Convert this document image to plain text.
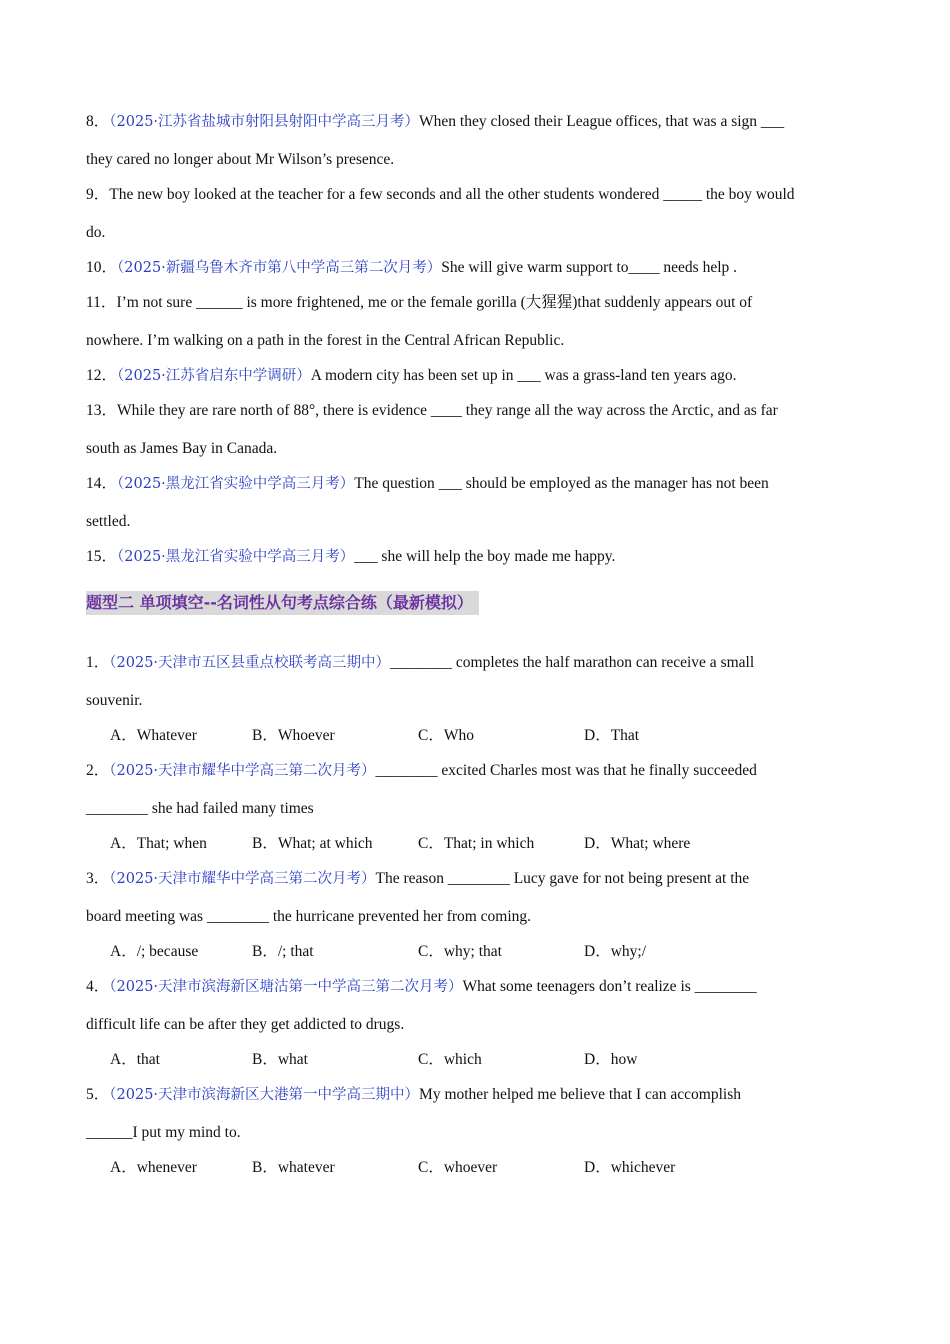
8．（2025·江苏省盐城市射阳县射阳中学高三月考）When they closed their League offices, that was a sign ___
they cared no longer about Mr Wilson’s presence.
9．The new boy looked at the teacher for a few seconds and all the other students wondered _____ the boy would
do.
10．（2025·新疆乌鲁木齐市第八中学高三第二次月考）She will give warm support to____ needs help .
11．I’m not sure ______ is more frightened, me or the female gorilla (大猩猩)that suddenly appears out of
nowhere. I’m walking on a path in the forest in the Central African Republic.
12．（2025·江苏省启东中学调研）A modern city has been set up in ___ was a grass-land ten years ago.
13．While they are rare north of 88°, there is evidence ____ they range all the way across the Arctic, and as far
south as James Bay in Canada.
14．（2025·黑龙江省实验中学高三月考）The question ___ should be employed as the manager has not been
settled.
15．（2025·黑龙江省实验中学高三月考）___ she will help the boy made me happy.
题型二 单项填空--名词性从句考点综合练（最新模拟）
1．（2025·天津市五区县重点校联考高三期中）________ completes the half marathon can receive a small
souvenir.
A．Whatever	B．Whoever	C．Who	D．That
2．（2025·天津市耀华中学高三第二次月考）________ excited Charles most was that he finally succeeded
________ she had failed many times
A．That; when	B．What; at which	C．That; in which	D．What; where
3．（2025·天津市耀华中学高三第二次月考）The reason ________ Lucy gave for not being present at the
board meeting was ________ the hurricane prevented her from coming.
A．/; because	B．/; that	C．why; that	D．why;/
4．（2025·天津市滨海新区塘沽第一中学高三第二次月考）What some teenagers don’t realize is ________
difficult life can be after they get addicted to drugs.
A．that	B．what	C．which	D．how
5．（2025·天津市滨海新区大港第一中学高三期中）My mother helped me believe that I can accomplish
______I put my mind to.
A．whenever	B．whatever	C．whoever	D．whichever
